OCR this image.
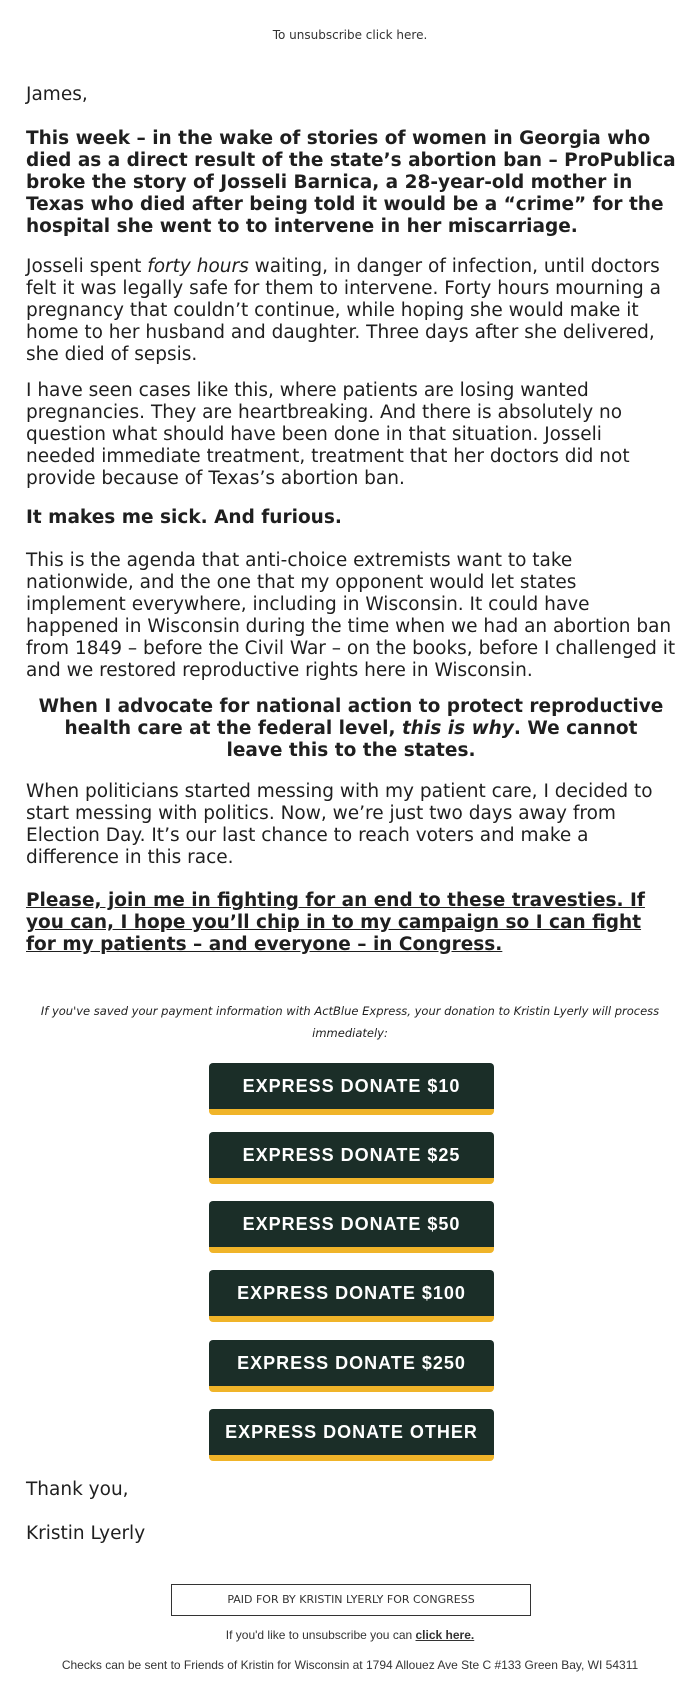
To unsubscribe click here.

James,

This week – in the wake of stories of women in Georgia who died as a direct result of the state’s abortion ban – ProPublica broke the story of Josseli Barnica, a 28-year-old mother in Texas who died after being told it would be a “crime” for the hospital she went to to intervene in her miscarriage.

Josseli spent forty hours waiting, in danger of infection, until doctors felt it was legally safe for them to intervene. Forty hours mourning a pregnancy that couldn’t continue, while hoping she would make it home to her husband and daughter. Three days after she delivered, she died of sepsis.

I have seen cases like this, where patients are losing wanted pregnancies. They are heartbreaking. And there is absolutely no question what should have been done in that situation. Josseli needed immediate treatment, treatment that her doctors did not provide because of Texas’s abortion ban.

It makes me sick. And furious.

This is the agenda that anti-choice extremists want to take nationwide, and the one that my opponent would let states implement everywhere, including in Wisconsin. It could have happened in Wisconsin during the time when we had an abortion ban from 1849 – before the Civil War – on the books, before I challenged it and we restored reproductive rights here in Wisconsin.

When I advocate for national action to protect reproductive health care at the federal level, this is why. We cannot leave this to the states.

When politicians started messing with my patient care, I decided to start messing with politics. Now, we’re just two days away from Election Day. It’s our last chance to reach voters and make a difference in this race.

Please, join me in fighting for an end to these travesties. If you can, I hope you’ll chip in to my campaign so I can fight for my patients – and everyone – in Congress.

If you've saved your payment information with ActBlue Express, your donation to Kristin Lyerly will process immediately:
EXPRESS DONATE $10
EXPRESS DONATE $25
EXPRESS DONATE $50
EXPRESS DONATE $100
EXPRESS DONATE $250
EXPRESS DONATE OTHER

Thank you,

Kristin Lyerly

PAID FOR BY KRISTIN LYERLY FOR CONGRESS
If you'd like to unsubscribe you can click here.
Checks can be sent to Friends of Kristin for Wisconsin at 1794 Allouez Ave Ste C #133 Green Bay, WI 54311
